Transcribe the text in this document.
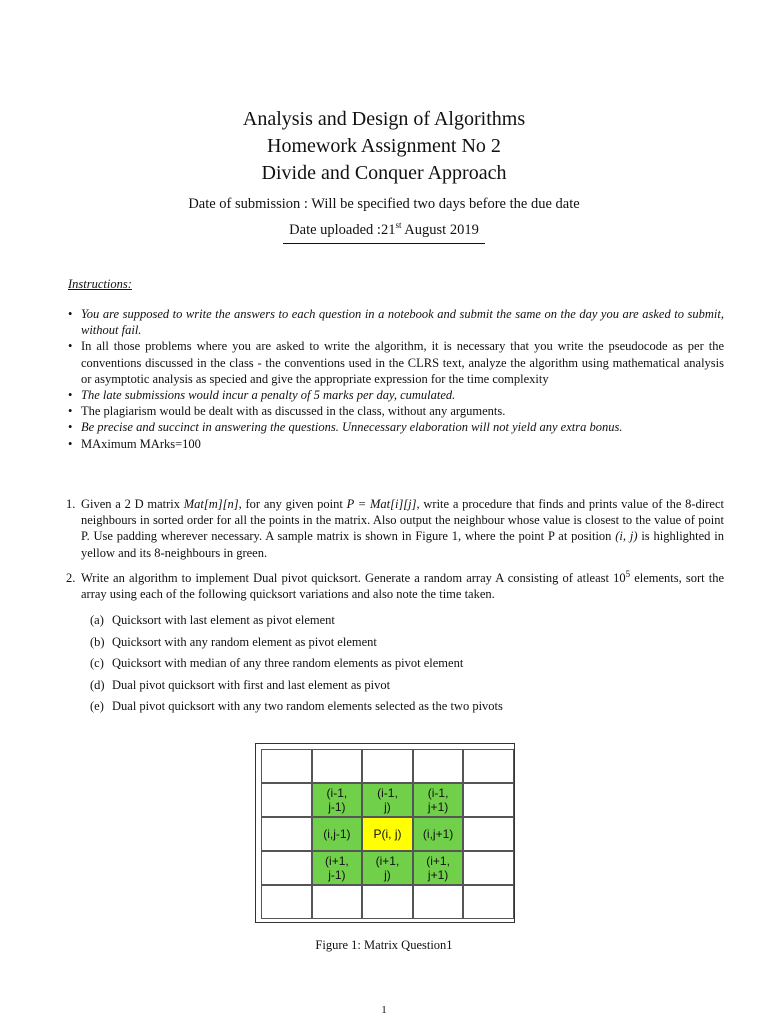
Analysis and Design of Algorithms
Homework Assignment No 2
Divide and Conquer Approach
Date of submission : Will be specified two days before the due date
Date uploaded :21st August 2019
Instructions:
• You are supposed to write the answers to each question in a notebook and submit the same on the day you are asked to submit, without fail.
• In all those problems where you are asked to write the algorithm, it is necessary that you write the pseudocode as per the conventions discussed in the class - the conventions used in the CLRS text, analyze the algorithm using mathematical analysis or asymptotic analysis as specied and give the appropriate expression for the time complexity
• The late submissions would incur a penalty of 5 marks per day, cumulated.
• The plagiarism would be dealt with as discussed in the class, without any arguments.
• Be precise and succinct in answering the questions. Unnecessary elaboration will not yield any extra bonus.
• MAximum MArks=100
1. Given a 2 D matrix Mat[m][n], for any given point P = Mat[i][j], write a procedure that finds and prints value of the 8-direct neighbours in sorted order for all the points in the matrix. Also output the neighbour whose value is closest to the value of point P. Use padding wherever necessary. A sample matrix is shown in Figure 1, where the point P at position (i, j) is highlighted in yellow and its 8-neighbours in green.
2. Write an algorithm to implement Dual pivot quicksort. Generate a random array A consisting of atleast $10^5$ elements, sort the array using each of the following quicksort variations and also note the time taken.
(a) Quicksort with last element as pivot element
(b) Quicksort with any random element as pivot element
(c) Quicksort with median of any three random elements as pivot element
(d) Dual pivot quicksort with first and last element as pivot
(e) Dual pivot quicksort with any two random elements selected as the two pivots
(i-1,
j-1)
(i-1,
j)
(i-1,
j+1)
(i,j-1)	P(i, j)	(i,j+1)
(i+1,
j-1)
(i+1,
j)
(i+1,
j+1)
Figure 1: Matrix Question1
1
